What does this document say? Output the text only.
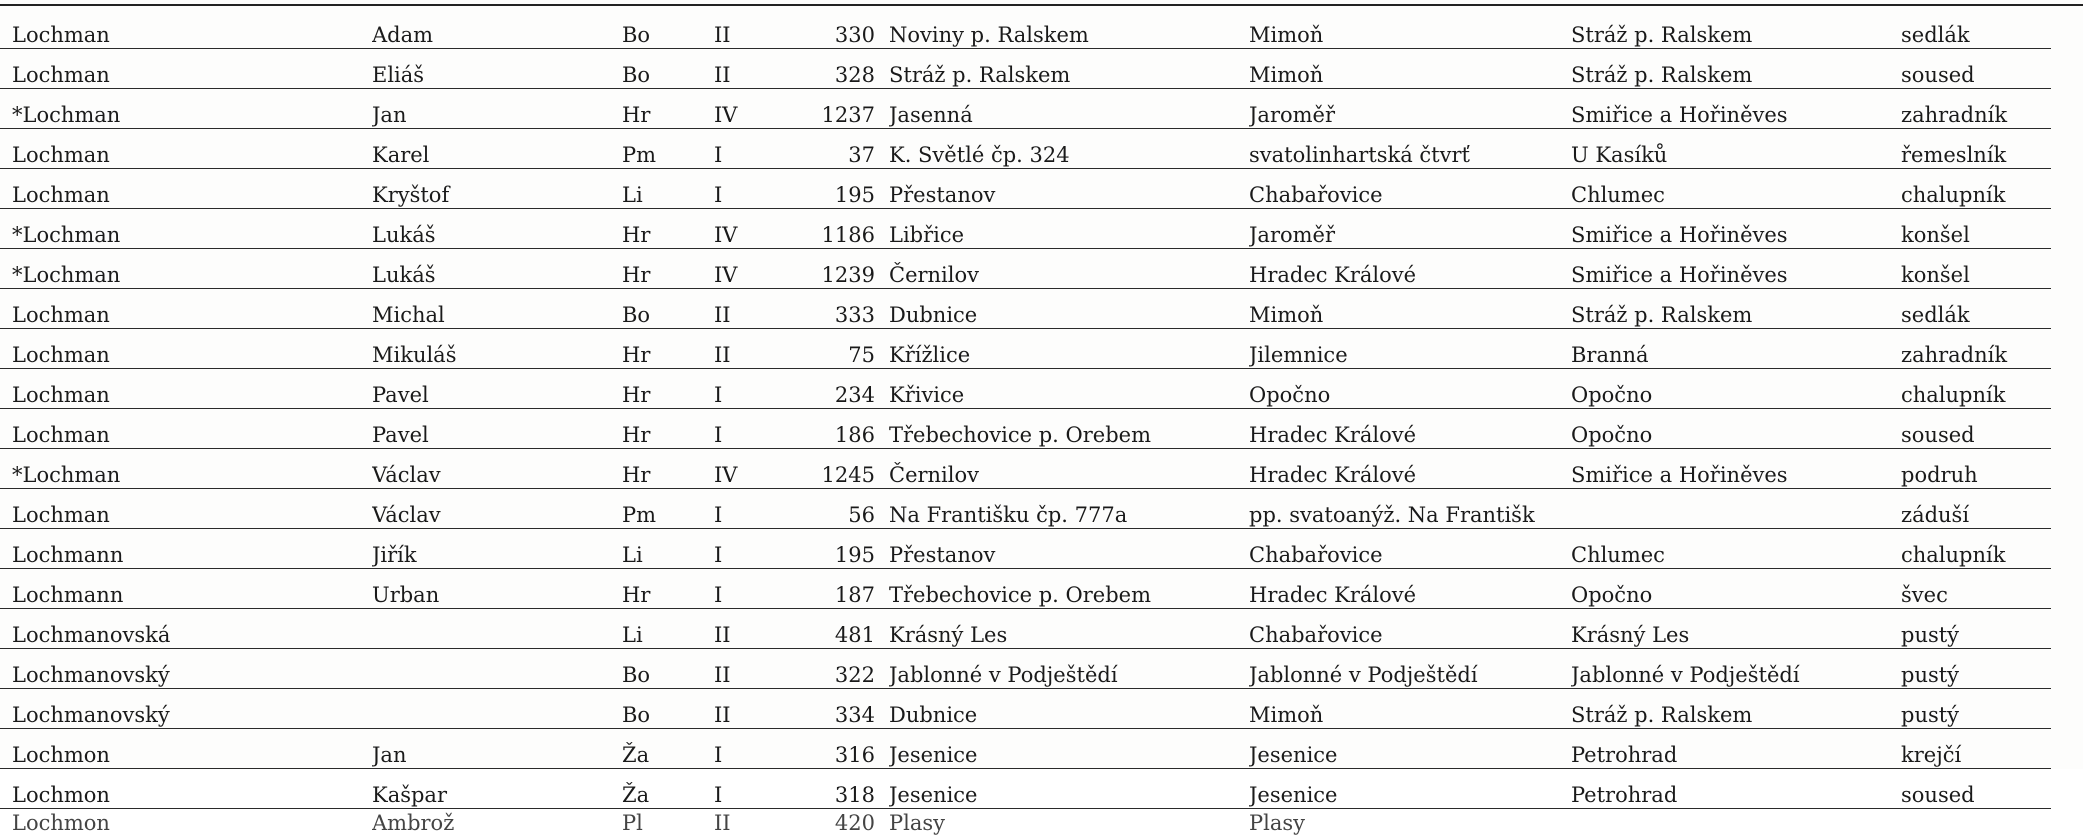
Lochman	Adam	Bo	II	330	Noviny p. Ralskem	Mimoň	Stráž p. Ralskem	sedlák
Lochman	Eliáš	Bo	II	328	Stráž p. Ralskem	Mimoň	Stráž p. Ralskem	soused
*Lochman	Jan	Hr	IV	1237	Jasenná	Jaroměř	Smiřice a Hořiněves	zahradník
Lochman	Karel	Pm	I	37	K. Světlé čp. 324	svatolinhartská čtvrť	U Kasíků	řemeslník
Lochman	Kryštof	Li	I	195	Přestanov	Chabařovice	Chlumec	chalupník
*Lochman	Lukáš	Hr	IV	1186	Libřice	Jaroměř	Smiřice a Hořiněves	konšel
*Lochman	Lukáš	Hr	IV	1239	Černilov	Hradec Králové	Smiřice a Hořiněves	konšel
Lochman	Michal	Bo	II	333	Dubnice	Mimoň	Stráž p. Ralskem	sedlák
Lochman	Mikuláš	Hr	II	75	Křížlice	Jilemnice	Branná	zahradník
Lochman	Pavel	Hr	I	234	Křivice	Opočno	Opočno	chalupník
Lochman	Pavel	Hr	I	186	Třebechovice p. Orebem	Hradec Králové	Opočno	soused
*Lochman	Václav	Hr	IV	1245	Černilov	Hradec Králové	Smiřice a Hořiněves	podruh
Lochman	Václav	Pm	I	56	Na Františku čp. 777a	pp. svatoanýž. Na Františk		záduší
Lochmann	Jiřík	Li	I	195	Přestanov	Chabařovice	Chlumec	chalupník
Lochmann	Urban	Hr	I	187	Třebechovice p. Orebem	Hradec Králové	Opočno	švec
Lochmanovská		Li	II	481	Krásný Les	Chabařovice	Krásný Les	pustý
Lochmanovský		Bo	II	322	Jablonné v Podještědí	Jablonné v Podještědí	Jablonné v Podještědí	pustý
Lochmanovský		Bo	II	334	Dubnice	Mimoň	Stráž p. Ralskem	pustý
Lochmon	Jan	Ža	I	316	Jesenice	Jesenice	Petrohrad	krejčí
Lochmon	Kašpar	Ža	I	318	Jesenice	Jesenice	Petrohrad	soused
Lochmon	Ambrož	Pl	II	420	Plasy	Plasy		
